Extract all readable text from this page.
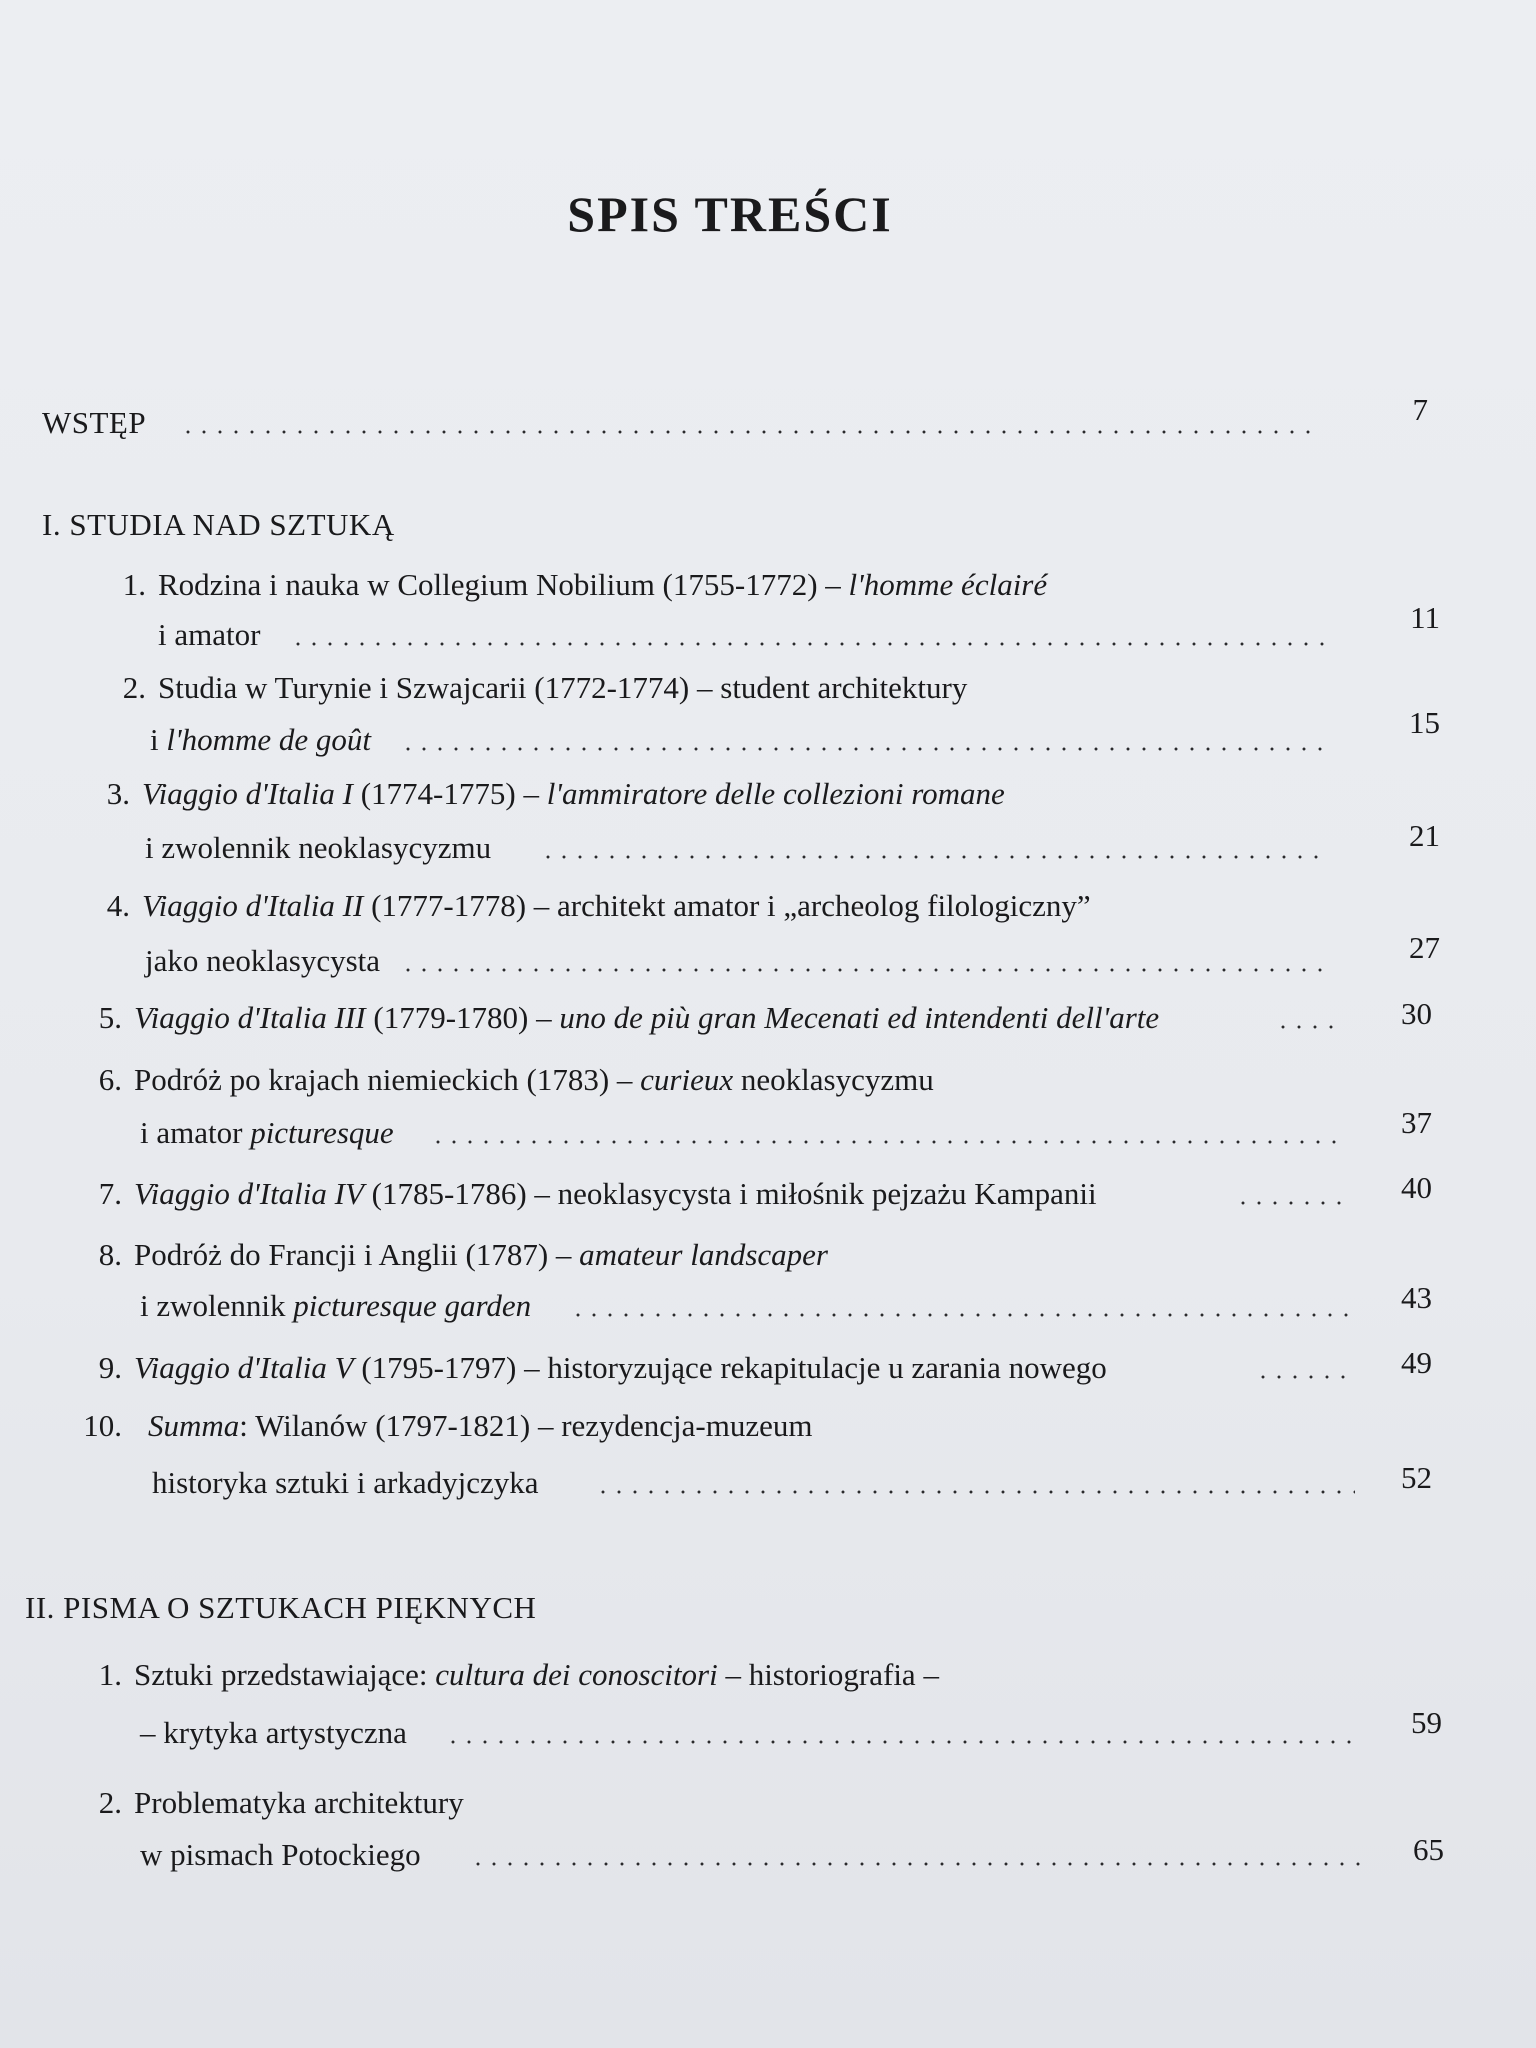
SPIS TREŚCI
WSTĘP	7
I. STUDIA NAD SZTUKĄ
1. Rodzina i nauka w Collegium Nobilium (1755-1772) –
l'homme éclairé
i amator	11
2. Studia w Turynie i Szwajcarii (1772-1774) – student architektury
i
l'homme de goût	15
3. Viaggio d'Italia I
(1774-1775) –
l'ammiratore delle collezioni romane
i zwolennik neoklasycyzmu	21
4. Viaggio d'Italia II
(1777-1778) – architekt amator i „archeolog filologiczny”
jako neoklasycysta	27
5. Viaggio d'Italia III
(1779-1780) –
uno de più gran Mecenati ed intendenti dell'arte	30
6. Podróż po krajach niemieckich (1783) –
curieux
neoklasycyzmu
i amator
picturesque	37
7. Viaggio d'Italia IV
(1785-1786) – neoklasycysta i miłośnik pejzażu Kampanii	40
8. Podróż do Francji i Anglii (1787) –
amateur landscaper
i zwolennik
picturesque garden	43
9. Viaggio d'Italia V
(1795-1797) – historyzujące rekapitulacje u zarania nowego	49
10. Summa : Wilanów (1797-1821) – rezydencja-muzeum
historyka sztuki i arkadyjczyka	52
II. PISMA O SZTUKACH PIĘKNYCH
1. Sztuki przedstawiające:
cultura dei conoscitori
– historiografia –
– krytyka artystyczna	59
2. Problematyka architektury
w pismach Potockiego	65
